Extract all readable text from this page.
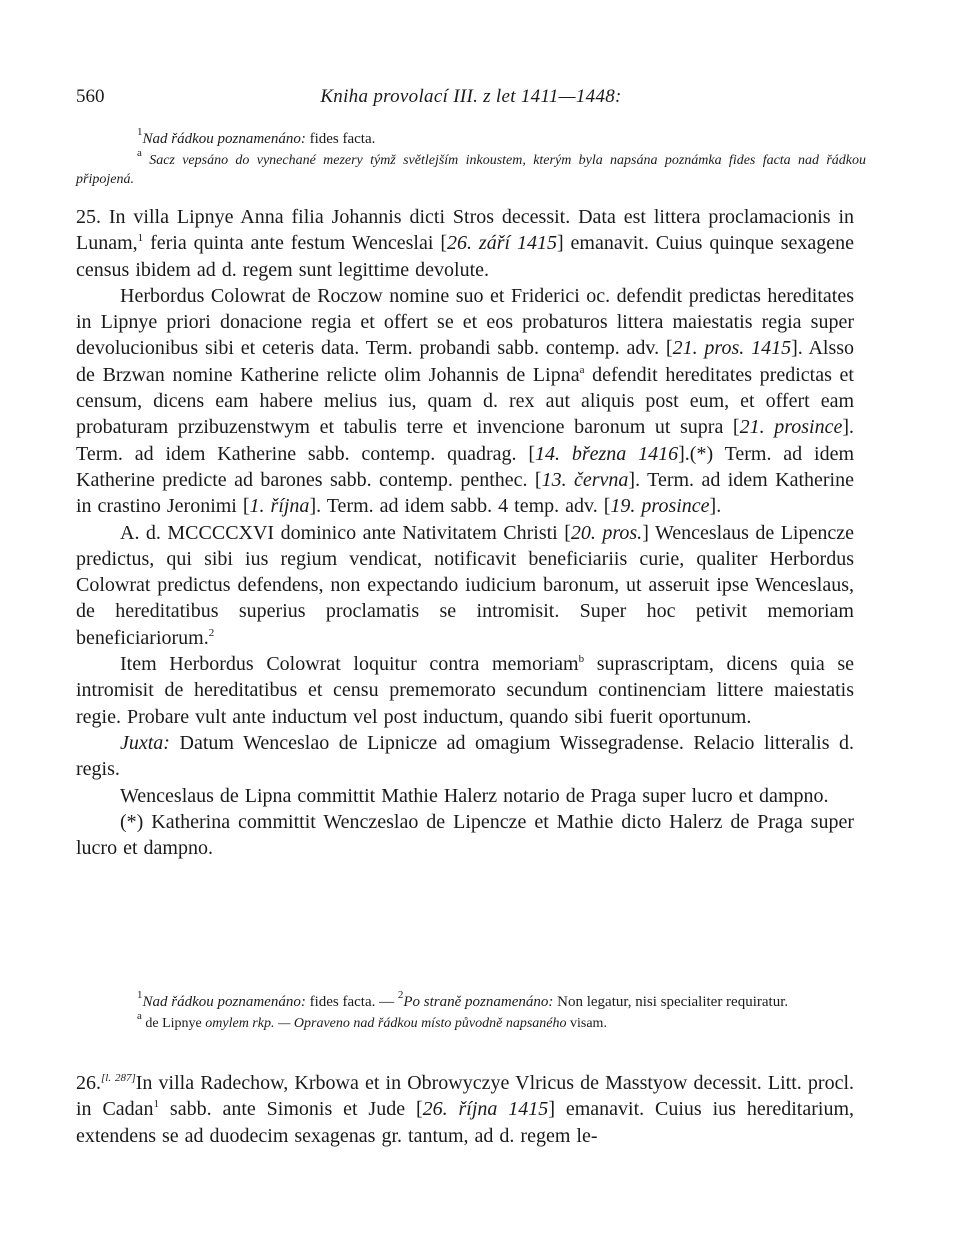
560	Kniha provolací III. z let 1411—1448:
$^1$Nad řádkou poznamenáno: fides facta.
$^a$ Sacz vepsáno do vynechané mezery týmž světlejším inkoustem, kterým byla napsána poznámka fides facta nad řádkou připojená.

25. In villa Lipnye Anna filia Johannis dicti Stros decessit. Data est littera proclamacionis in Lunam,$^1$ feria quinta ante festum Wenceslai [26. září 1415] emanavit. Cuius quinque sexagene census ibidem ad d. regem sunt legittime devolute.

Herbordus Colowrat de Roczow nomine suo et Friderici oc. defendit predictas hereditates in Lipnye priori donacione regia et offert se et eos probaturos littera maiestatis regia super devolucionibus sibi et ceteris data. Term. probandi sabb. contemp. adv. [21. pros. 1415]. Alsso de Brzwan nomine Katherine relicte olim Johannis de Lipna$^a$ defendit hereditates predictas et censum, dicens eam habere melius ius, quam d. rex aut aliquis post eum, et offert eam probaturam przibuzenstwym et tabulis terre et invencione baronum ut supra [21. prosince]. Term. ad idem Katherine sabb. contemp. quadrag. [14. března 1416].(*) Term. ad idem Katherine predicte ad barones sabb. contemp. penthec. [13. června]. Term. ad idem Katherine in crastino Jeronimi [1. října]. Term. ad idem sabb. 4 temp. adv. [19. prosince].

A. d. MCCCCXVI dominico ante Nativitatem Christi [20. pros.] Wenceslaus de Lipencze predictus, qui sibi ius regium vendicat, notificavit beneficiariis curie, qualiter Herbordus Colowrat predictus defendens, non expectando iudicium baronum, ut asseruit ipse Wenceslaus, de hereditatibus superius proclamatis se intromisit. Super hoc petivit memoriam beneficiariorum.$^2$

Item Herbordus Colowrat loquitur contra memoriam$^b$ suprascriptam, dicens quia se intromisit de hereditatibus et censu prememorato secundum continenciam littere maiestatis regie. Probare vult ante inductum vel post inductum, quando sibi fuerit oportunum.

Juxta: Datum Wenceslao de Lipnicze ad omagium Wissegradense. Relacio litteralis d. regis.

Wenceslaus de Lipna committit Mathie Halerz notario de Praga super lucro et dampno.

(*) Katherina committit Wenczeslao de Lipencze et Mathie dicto Halerz de Praga super lucro et dampno.

$^1$Nad řádkou poznamenáno: fides facta. — $^2$Po straně poznamenáno: Non legatur, nisi specialiter requiratur.

$^a$ de Lipnye omylem rkp. — Opraveno nad řádkou místo původně napsaného visam.

26.[l. 287]In villa Radechow, Krbowa et in Obrowyczye Vlricus de Masstyow decessit. Litt. procl. in Cadan$^1$ sabb. ante Simonis et Jude [26. října 1415] emanavit. Cuius ius hereditarium, extendens se ad duodecim sexagenas gr. tantum, ad d. regem le-
